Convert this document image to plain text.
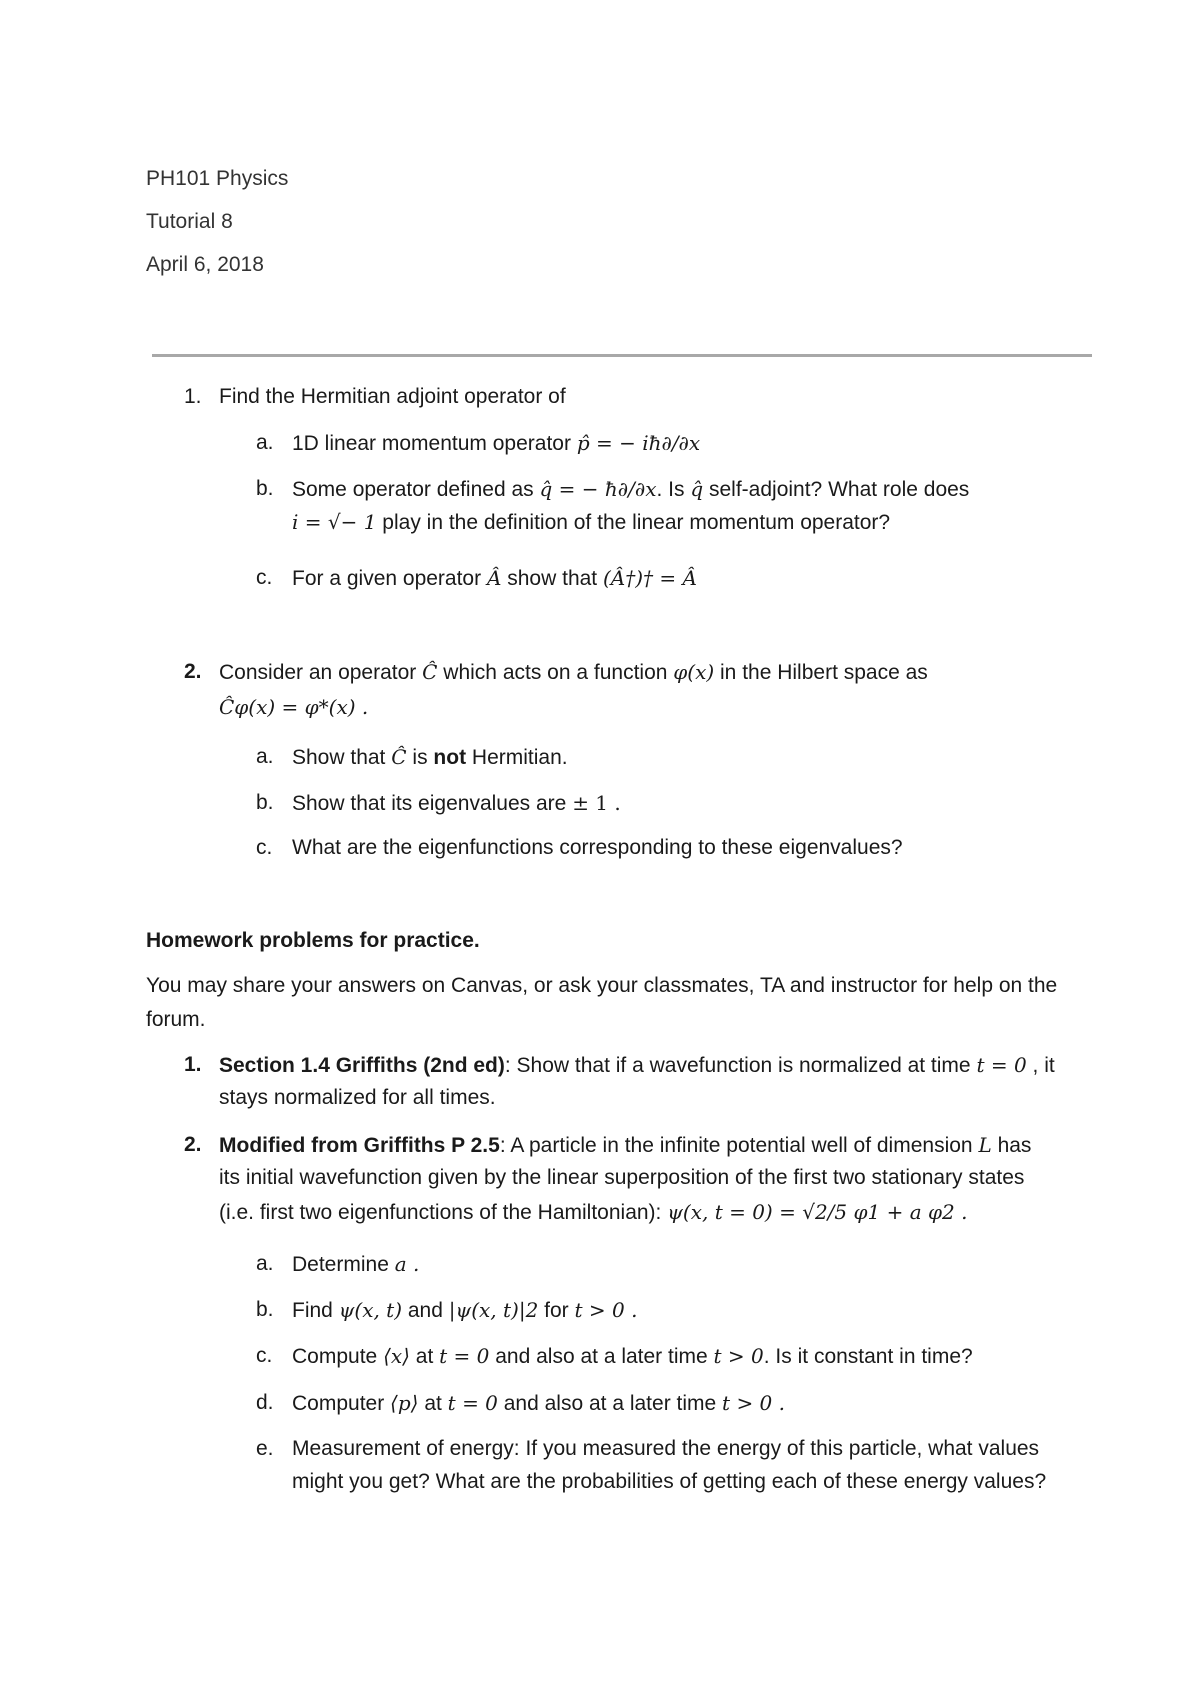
PH101 Physics
Tutorial 8
April 6, 2018
1. Find the Hermitian adjoint operator of
a. 1D linear momentum operator p̂ = − iħ∂/∂x
b. Some operator defined as q̂ = − ħ∂/∂x. Is q̂ self-adjoint? What role does
i = √− 1 play in the definition of the linear momentum operator?
c. For a given operator Â show that (Â†)† = Â
2. Consider an operator Ĉ which acts on a function φ(x) in the Hilbert space as
Ĉφ(x) = φ*(x) .
a. Show that Ĉ is not Hermitian.
b. Show that its eigenvalues are ± 1 .
c. What are the eigenfunctions corresponding to these eigenvalues?
Homework problems for practice.
You may share your answers on Canvas, or ask your classmates, TA and instructor for help on the
forum.
1. Section 1.4 Griffiths (2nd ed): Show that if a wavefunction is normalized at time t = 0 , it
stays normalized for all times.
2. Modified from Griffiths P 2.5: A particle in the infinite potential well of dimension L has
its initial wavefunction given by the linear superposition of the first two stationary states
(i.e. first two eigenfunctions of the Hamiltonian): ψ(x, t = 0) = √2/5 φ1 + a φ2 .
a. Determine a .
b. Find ψ(x, t) and |ψ(x, t)|2 for t > 0 .
c. Compute ⟨x⟩ at t = 0 and also at a later time t > 0. Is it constant in time?
d. Computer ⟨p⟩ at t = 0 and also at a later time t > 0 .
e. Measurement of energy: If you measured the energy of this particle, what values
might you get? What are the probabilities of getting each of these energy values?
